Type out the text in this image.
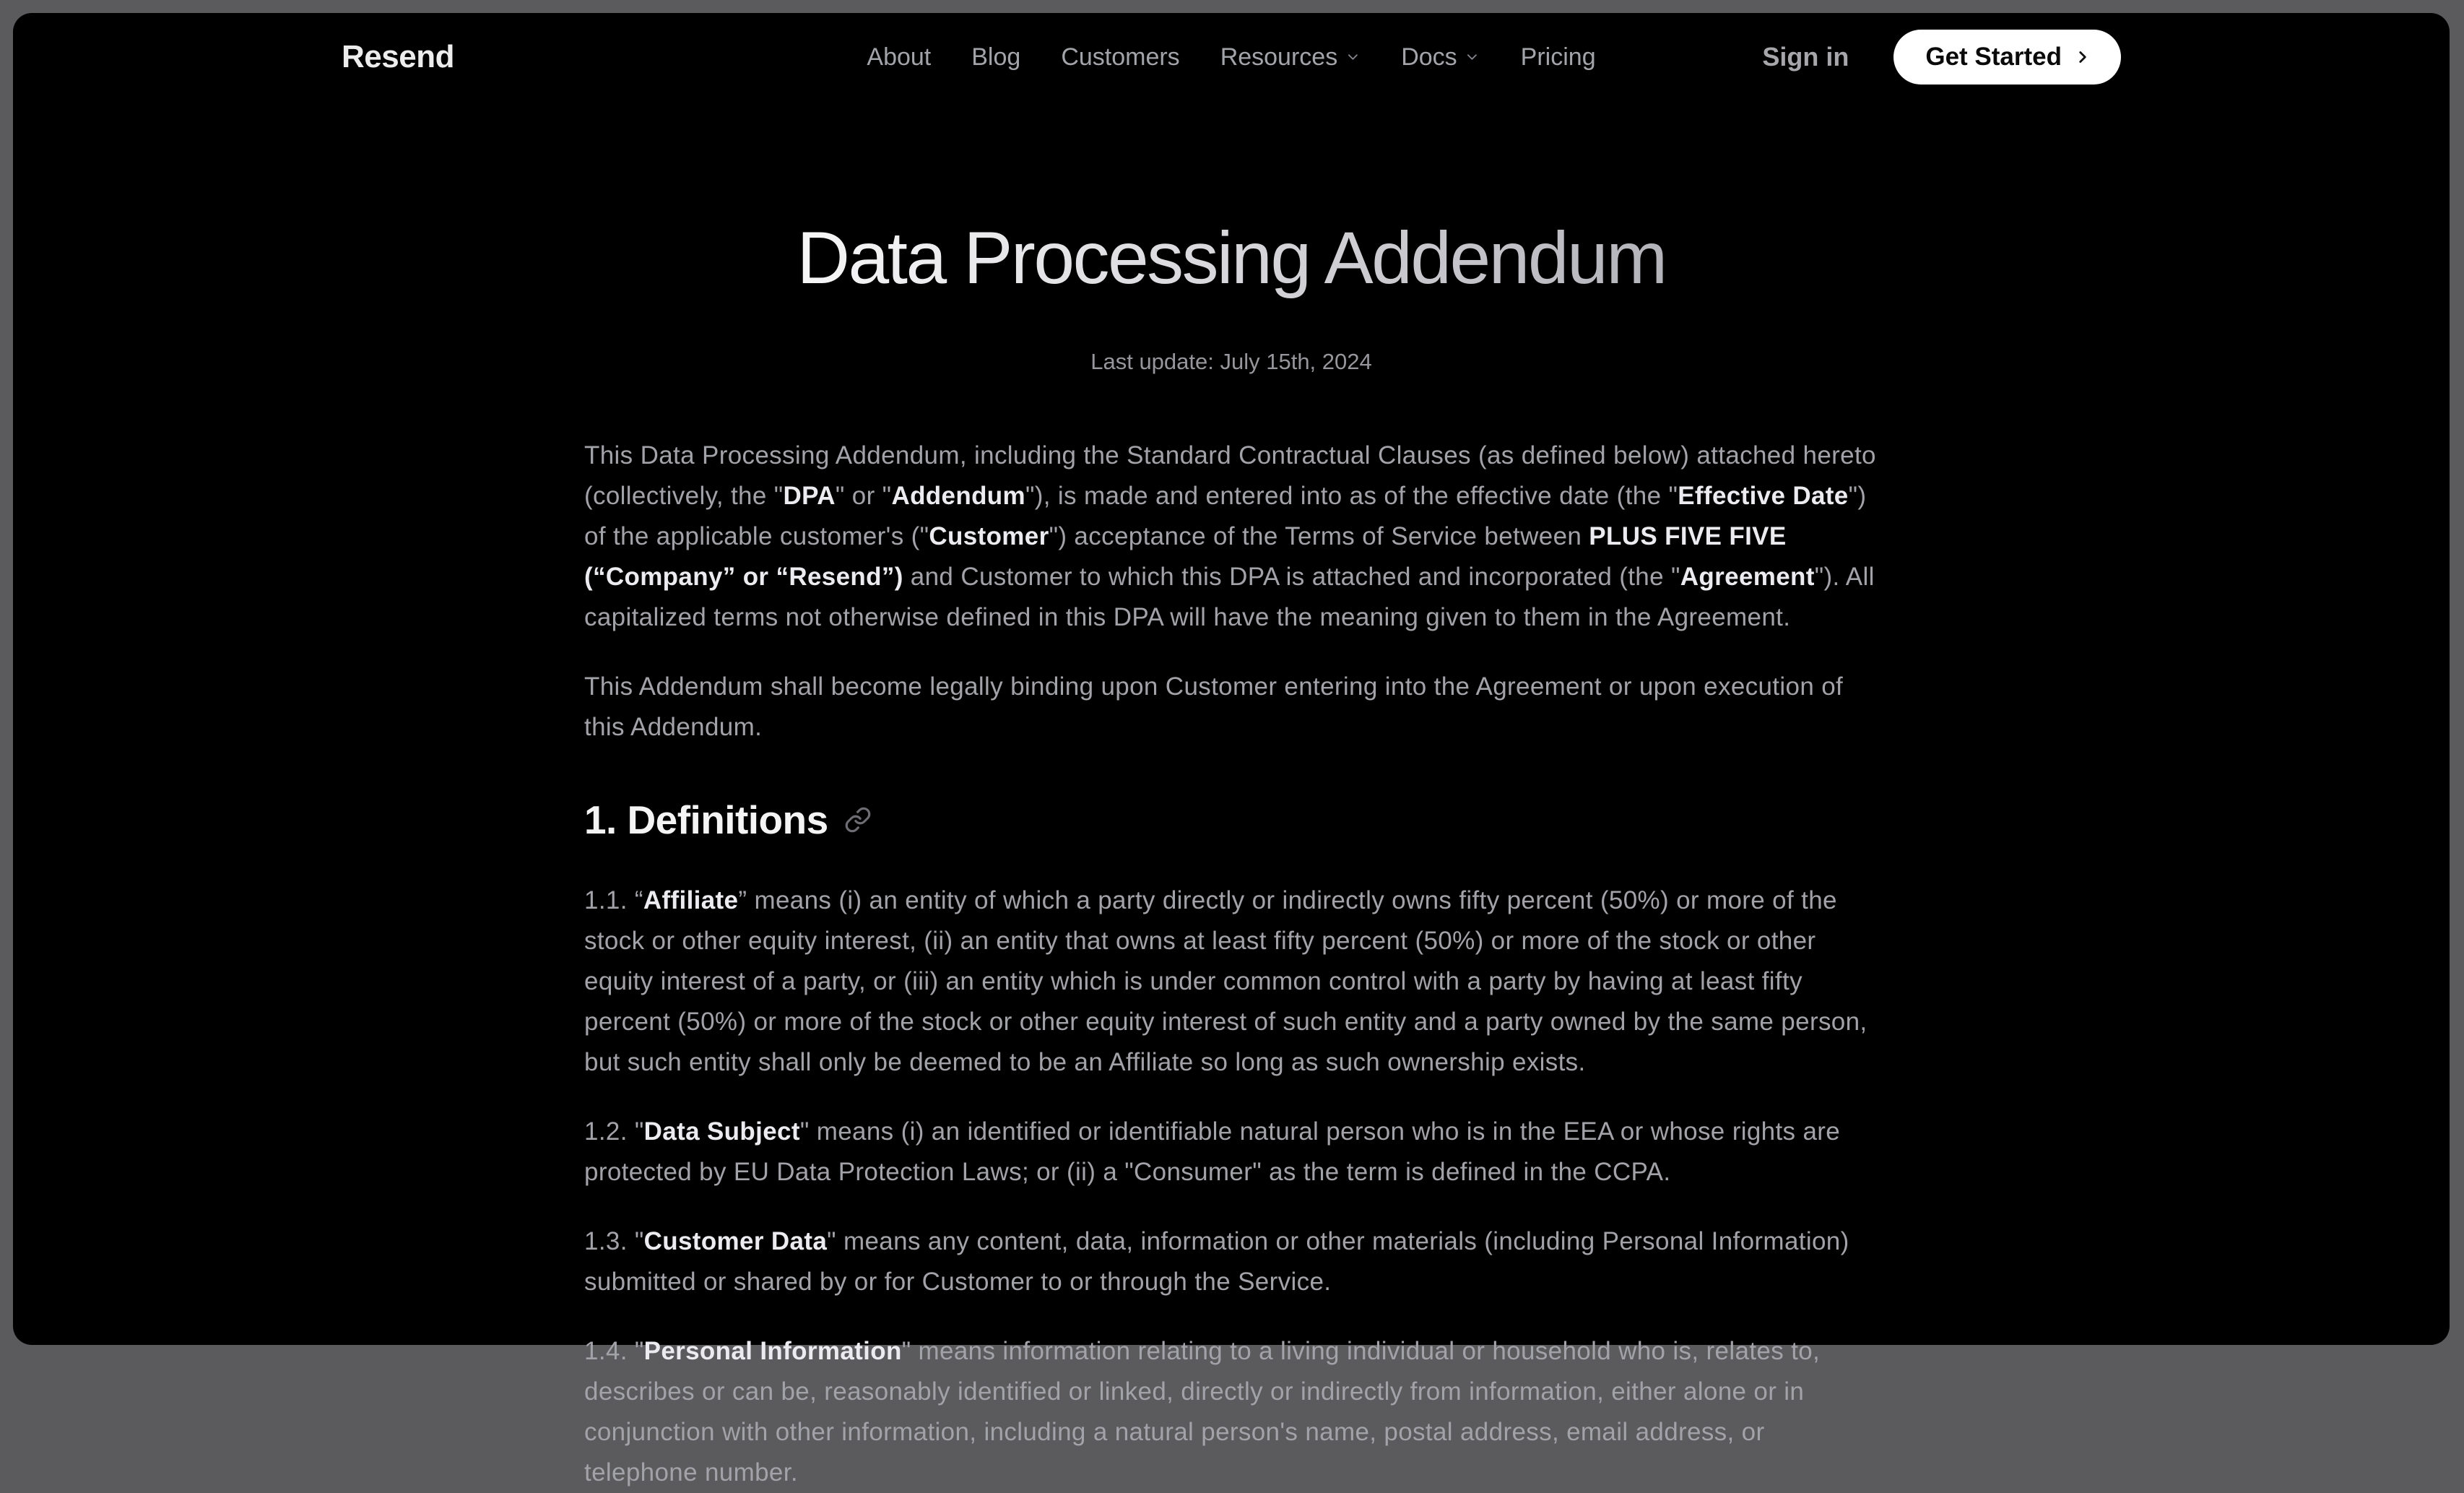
Resend	About Blog Customers Resources	Docs	Pricing	Sign in	Get Started
Data Processing Addendum
Last update: July 15th, 2024

This Data Processing Addendum, including the Standard Contractual Clauses (as defined below) attached hereto (collectively, the "DPA" or "Addendum"), is made and entered into as of the effective date (the "Effective Date") of the applicable customer's ("Customer") acceptance of the Terms of Service between PLUS FIVE FIVE (“Company” or “Resend”) and Customer to which this DPA is attached and incorporated (the "Agreement"). All capitalized terms not otherwise defined in this DPA will have the meaning given to them in the Agreement.

This Addendum shall become legally binding upon Customer entering into the Agreement or upon execution of this Addendum.

1. Definitions

1.1. “Affiliate” means (i) an entity of which a party directly or indirectly owns fifty percent (50%) or more of the stock or other equity interest, (ii) an entity that owns at least fifty percent (50%) or more of the stock or other equity interest of a party, or (iii) an entity which is under common control with a party by having at least fifty percent (50%) or more of the stock or other equity interest of such entity and a party owned by the same person, but such entity shall only be deemed to be an Affiliate so long as such ownership exists.

1.2. "Data Subject" means (i) an identified or identifiable natural person who is in the EEA or whose rights are protected by EU Data Protection Laws; or (ii) a "Consumer" as the term is defined in the CCPA.

1.3. "Customer Data" means any content, data, information or other materials (including Personal Information) submitted or shared by or for Customer to or through the Service.

1.4. "Personal Information" means information relating to a living individual or household who is, relates to, describes or can be, reasonably identified or linked, directly or indirectly from information, either alone or in conjunction with other information, including a natural person's name, postal address, email address, or telephone number.
